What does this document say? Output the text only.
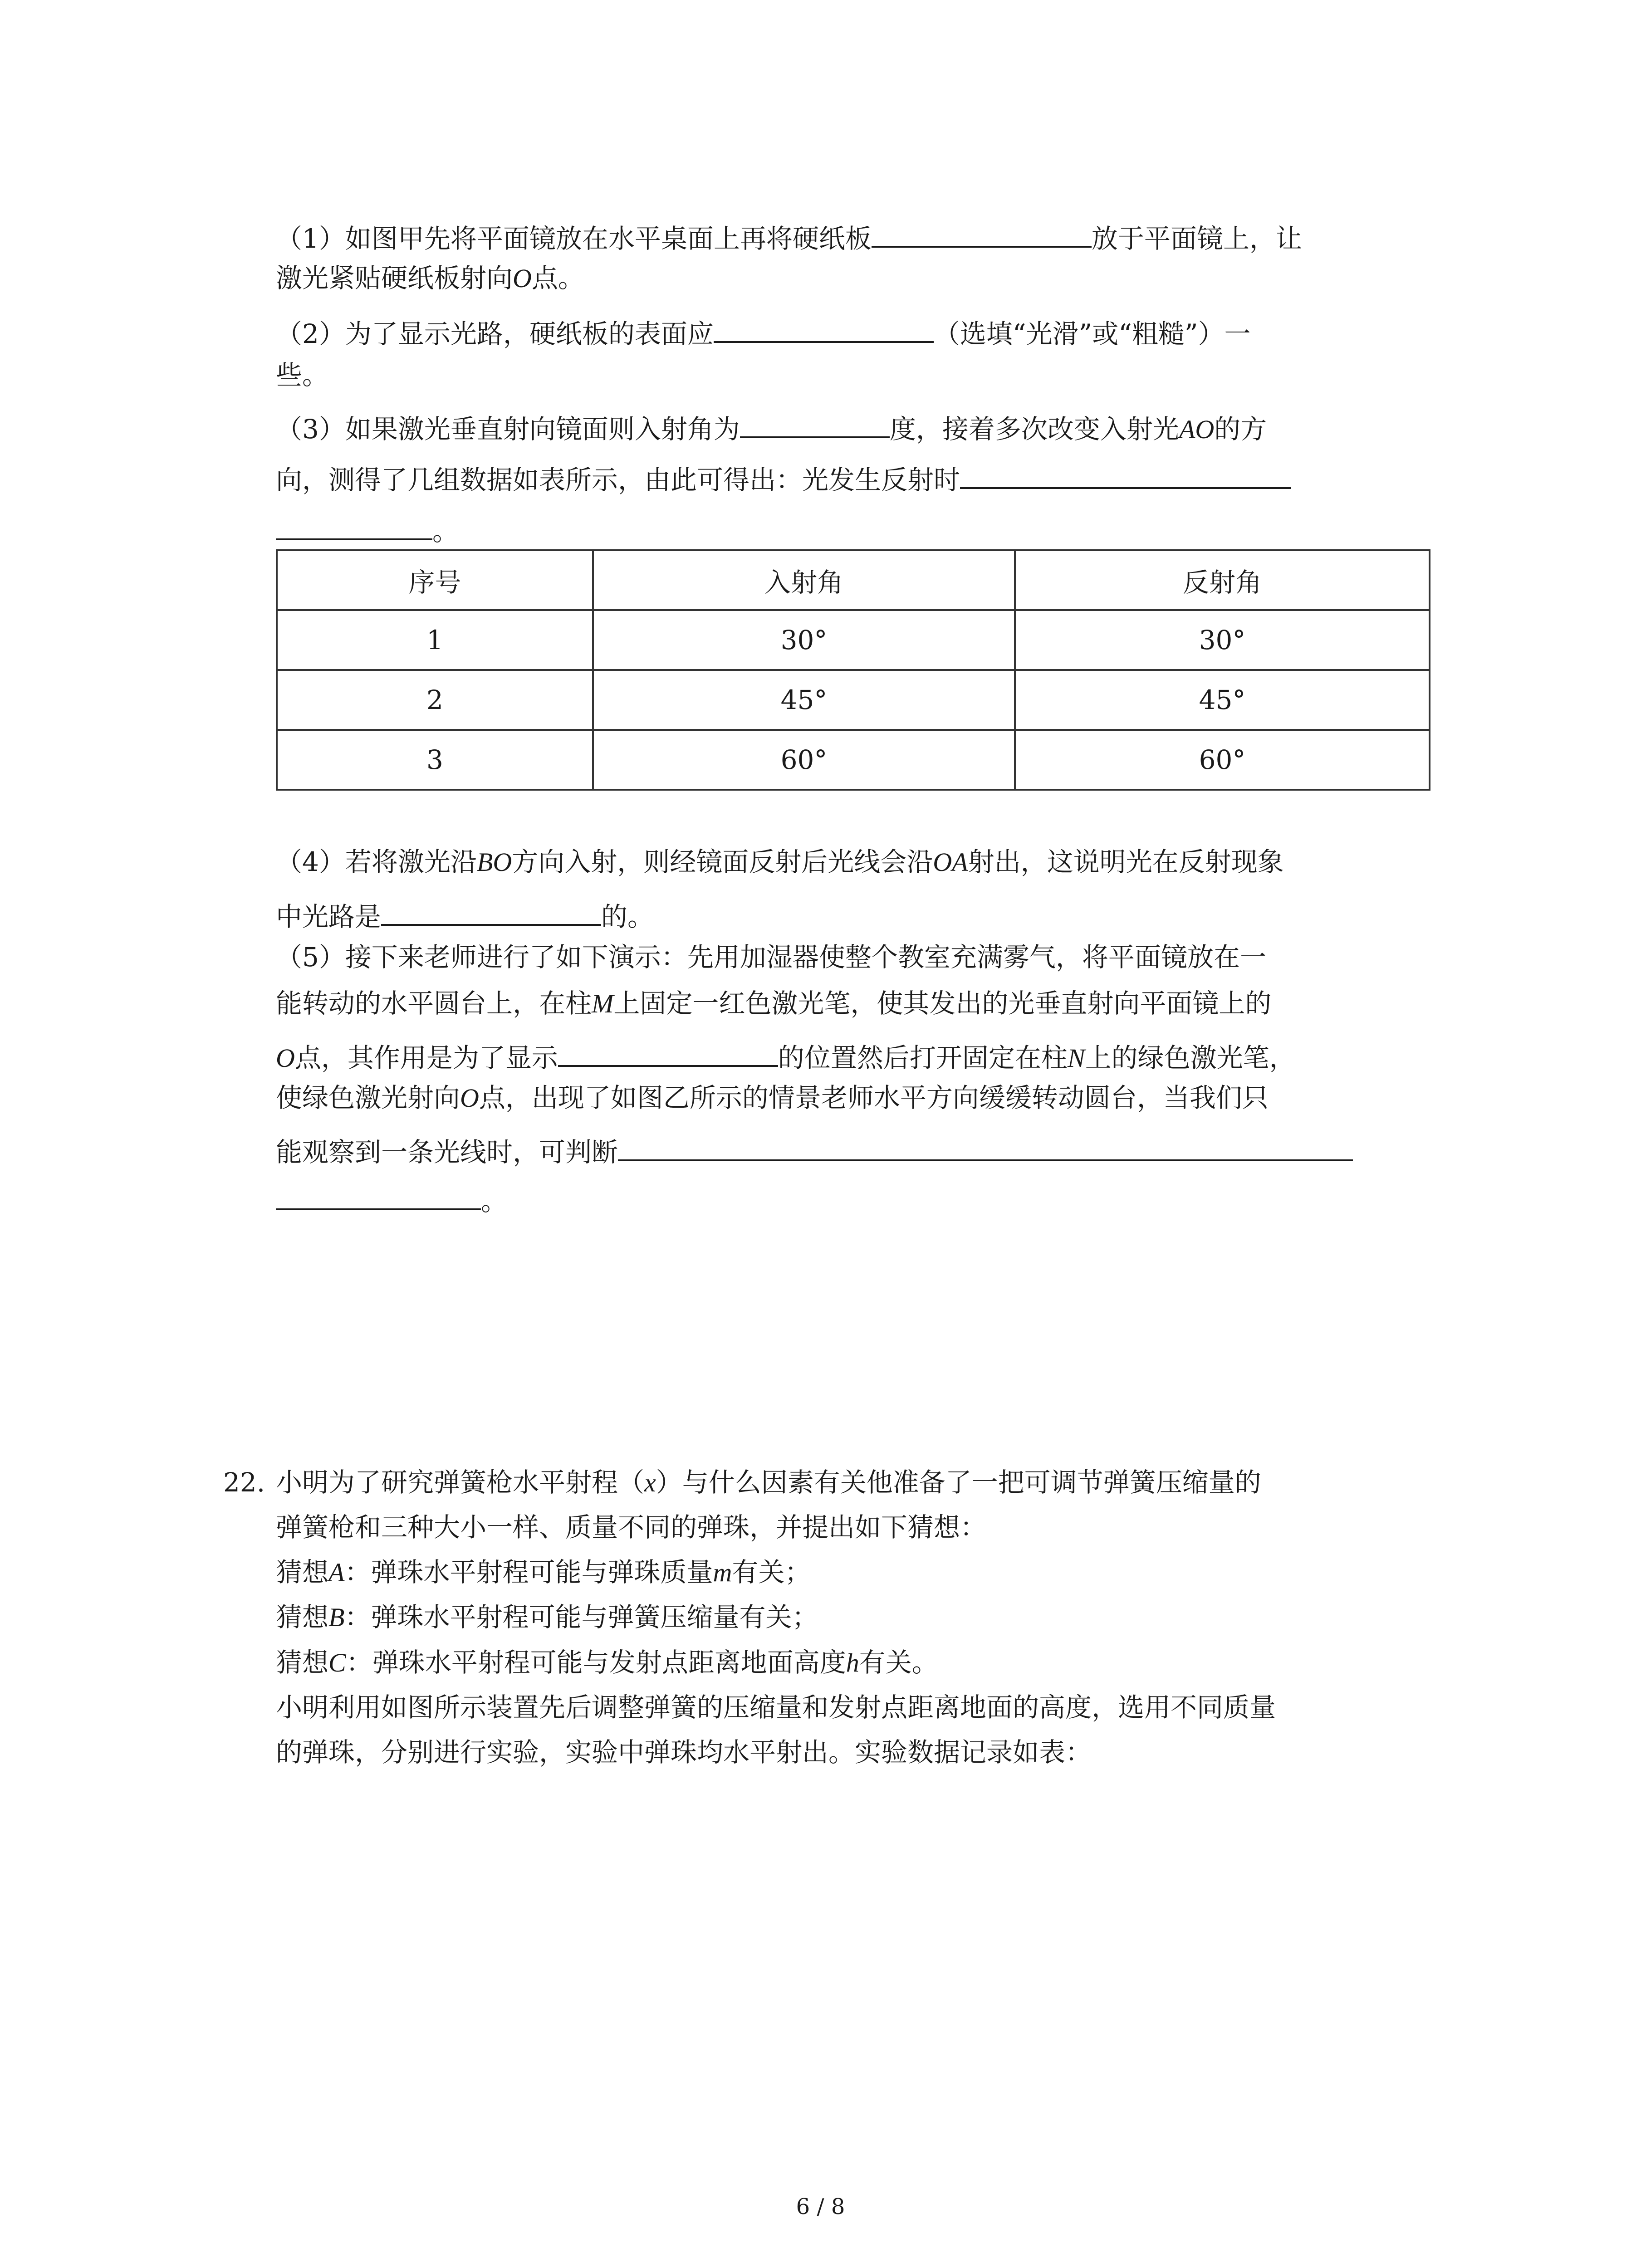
（1）如图甲先将平面镜放在水平桌面上再将硬纸板	放于平面镜上，让
激光紧贴硬纸板射向O点。
（2）为了显示光路，硬纸板的表面应	（选填“光滑”或“粗糙”）一
些。
（3）如果激光垂直射向镜面则入射角为	度，接着多次改变入射光AO的方
向，测得了几组数据如表所示，由此可得出：光发生反射时
。
序号	入射角	反射角
1	30°	30°
2	45°	45°
3	60°	60°
（4）若将激光沿BO方向入射，则经镜面反射后光线会沿OA射出，这说明光在反射现象
中光路是	的。
（5）接下来老师进行了如下演示：先用加湿器使整个教室充满雾气，将平面镜放在一
能转动的水平圆台上，在柱M上固定一红色激光笔，使其发出的光垂直射向平面镜上的
O点，其作用是为了显示	的位置然后打开固定在柱N上的绿色激光笔，
使绿色激光射向O点，出现了如图乙所示的情景老师水平方向缓缓转动圆台，当我们只
能观察到一条光线时，可判断
。
22. 小明为了研究弹簧枪水平射程（x）与什么因素有关他准备了一把可调节弹簧压缩量的
弹簧枪和三种大小一样、质量不同的弹珠，并提出如下猜想：
猜想A：弹珠水平射程可能与弹珠质量m有关；
猜想B：弹珠水平射程可能与弹簧压缩量有关；
猜想C：弹珠水平射程可能与发射点距离地面高度h有关。
小明利用如图所示装置先后调整弹簧的压缩量和发射点距离地面的高度，选用不同质量
的弹珠，分别进行实验，实验中弹珠均水平射出。实验数据记录如表：
6 / 8
